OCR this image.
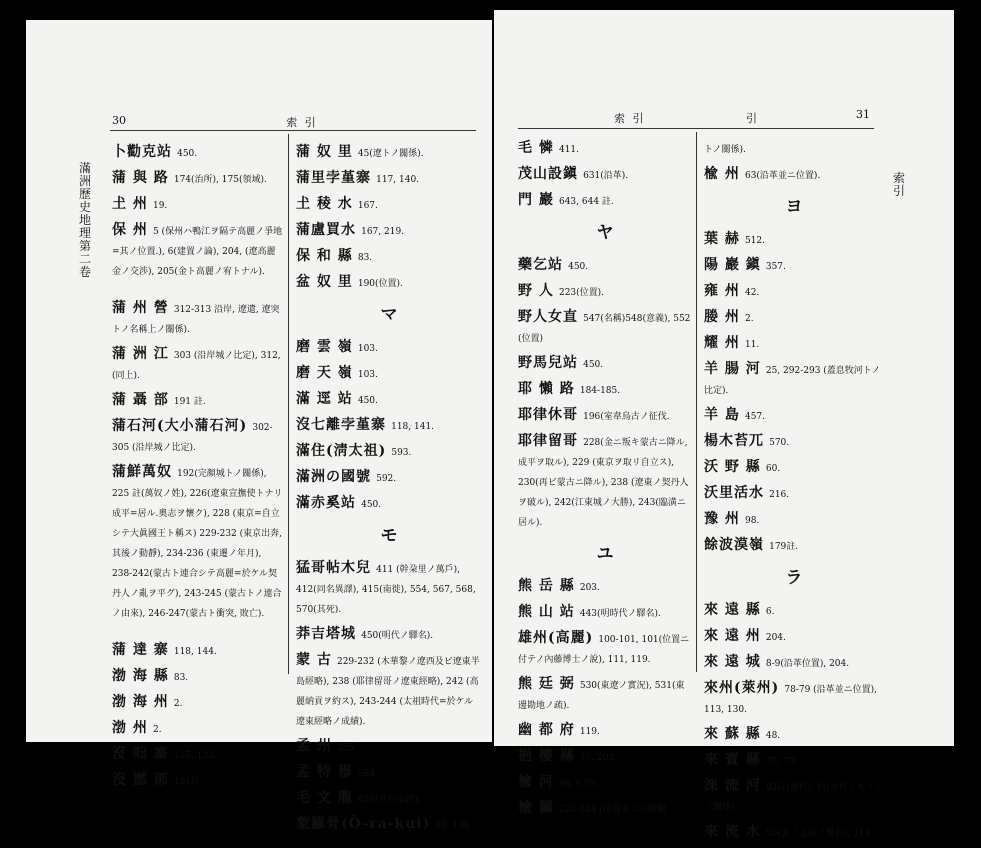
30	索 引
滿洲歷史地理第二卷
卜勸克站 450.
蒲 與 路 174(治所), 175(領域).
𡈽 州 19.
保 州 5 (保州ハ鴨江ヲ隔テ高麗ノ爭地=其ノ位置.), 6(建置ノ論), 204, (遼高麗金ノ交渉), 205(金ト高麗ノ宥トナル).
蒲 州 營 312-313 沿岸, 遼遺, 遼突トノ名稱上ノ關係).
蒲 洲 江 303 (沿岸城ノ比定), 312, (同上).
蒲 聶 部 191 註.
蒲石河(大小蒲石河) 302-305 (沿岸城ノ比定).
蒲鮮萬奴 192(完顏城トノ關係), 225 註(萬奴ノ姓), 226(遼東宣撫使トナリ成平=居ル.奧志ヲ懷ク), 228 (東京=自立シテ大眞國王ト稱ス) 229-232 (東京出奔, 其後ノ動靜), 234-236 (東遷ノ年月), 238-242(蒙古ト連合シテ高麗=於ケル契丹人ノ亂ヲ平グ), 243-245 (蒙古トノ連合ノ由來), 246-247(蒙古ト衝突, 敗亡).
蒲 達 寨 118, 144.
渤 海 縣 83.
渤 海 州 2.
渤 州 2.
沒 咄 寨 115, 133.
沒 撚 部 191註.
蒲 奴 里 45(遼トノ關係).
蒲里孛堇寨 117, 140.
𡈽 稜 水 167.
蒲盧買水 167, 219.
保 和 縣 83.
盆 奴 里 190(位置).
マ
磨 雲 嶺 103.
磨 天 嶺 103.
滿 逕 站 450.
沒七離孛堇寨 118, 141.
滿住(淸太祖) 593.
滿洲の國號 592.
滿赤奚站 450.
モ
猛哥帖木兒 411 (幹朶里ノ萬戶), 412(同名異譯), 415(南徙), 554, 567, 568, 570(其死).
莽吉塔城 450(明代ノ驛名).
蒙 古 229-232 (木華黎ノ遼西及ビ遼東半島經略), 238 (耶律留哥ノ遼東經略), 242 (高麗納貢ヲ約ス), 243-244 (太祖時代=於ケル遼東經略ノ成績).
孟 州 355.
孟 特 穆 584.
毛 文 龍 620(其行軍路).
蒙羅骨(Ö-ra-kui) 99, 100
索 引	引	31
索 引
毛 憐 411.
茂山設鎭 631(沿革).
門 巖 643, 644 註.
ヤ
藥乞站 450.
野 人 223(位置).
野人女直 547(名稱)548(意義), 552 (位置)
野馬兒站 450.
耶 懶 路 184-185.
耶律休哥 196(室韋烏古ノ征伐.
耶律留哥 228(金ニ叛キ蒙古ニ降ル, 成平ヲ取ル), 229 (東京ヲ取リ自立ス), 230(再ビ蒙古ニ降ル), 238 (遼東ノ契丹人ヲ破ル), 242(江東城ノ大勝), 243(臨潢ニ居ル).
ユ
熊 岳 縣 203.
熊 山 站 443(明時代ノ驛名).
雄州(高麗) 100-101, 101(位置ニ付テノ內藤博士ノ說), 111, 119.
熊 廷 弼 530(東遼ノ實況), 531(東邊勘地ノ疏).
幽 都 府 119.
挹 樓 縣 10, 203.
楡 河 66, 67註.
楡 關 123-124 (位置並ニ山海關
トノ關係).
楡 州 63(沿革並ニ位置).
ヨ
葉 赫 512.
陽 巖 鎭 357.
雍 州 42.
媵 州 2.
耀 州 11.
羊 腸 河 25, 292-293 (蓋息牧河トノ比定).
羊 島 457.
楊木苔兀 570.
沃 野 縣 60.
沃里活水 216.
豫 州 98.
餘波漠嶺 179註.
ラ
來 遠 縣 6.
來 遠 州 204.
來 遠 城 8-9(沿革位置), 204.
來州(萊州) 78-79 (沿革並ニ位置), 113, 130.
來 蘇 縣 48.
來 賓 縣 78, 79.
淶 流 河 82註(遼代), 同(金代ノモノトノ關係).
來 流 水 50(金ノ太祖ノ擧兵), 214
